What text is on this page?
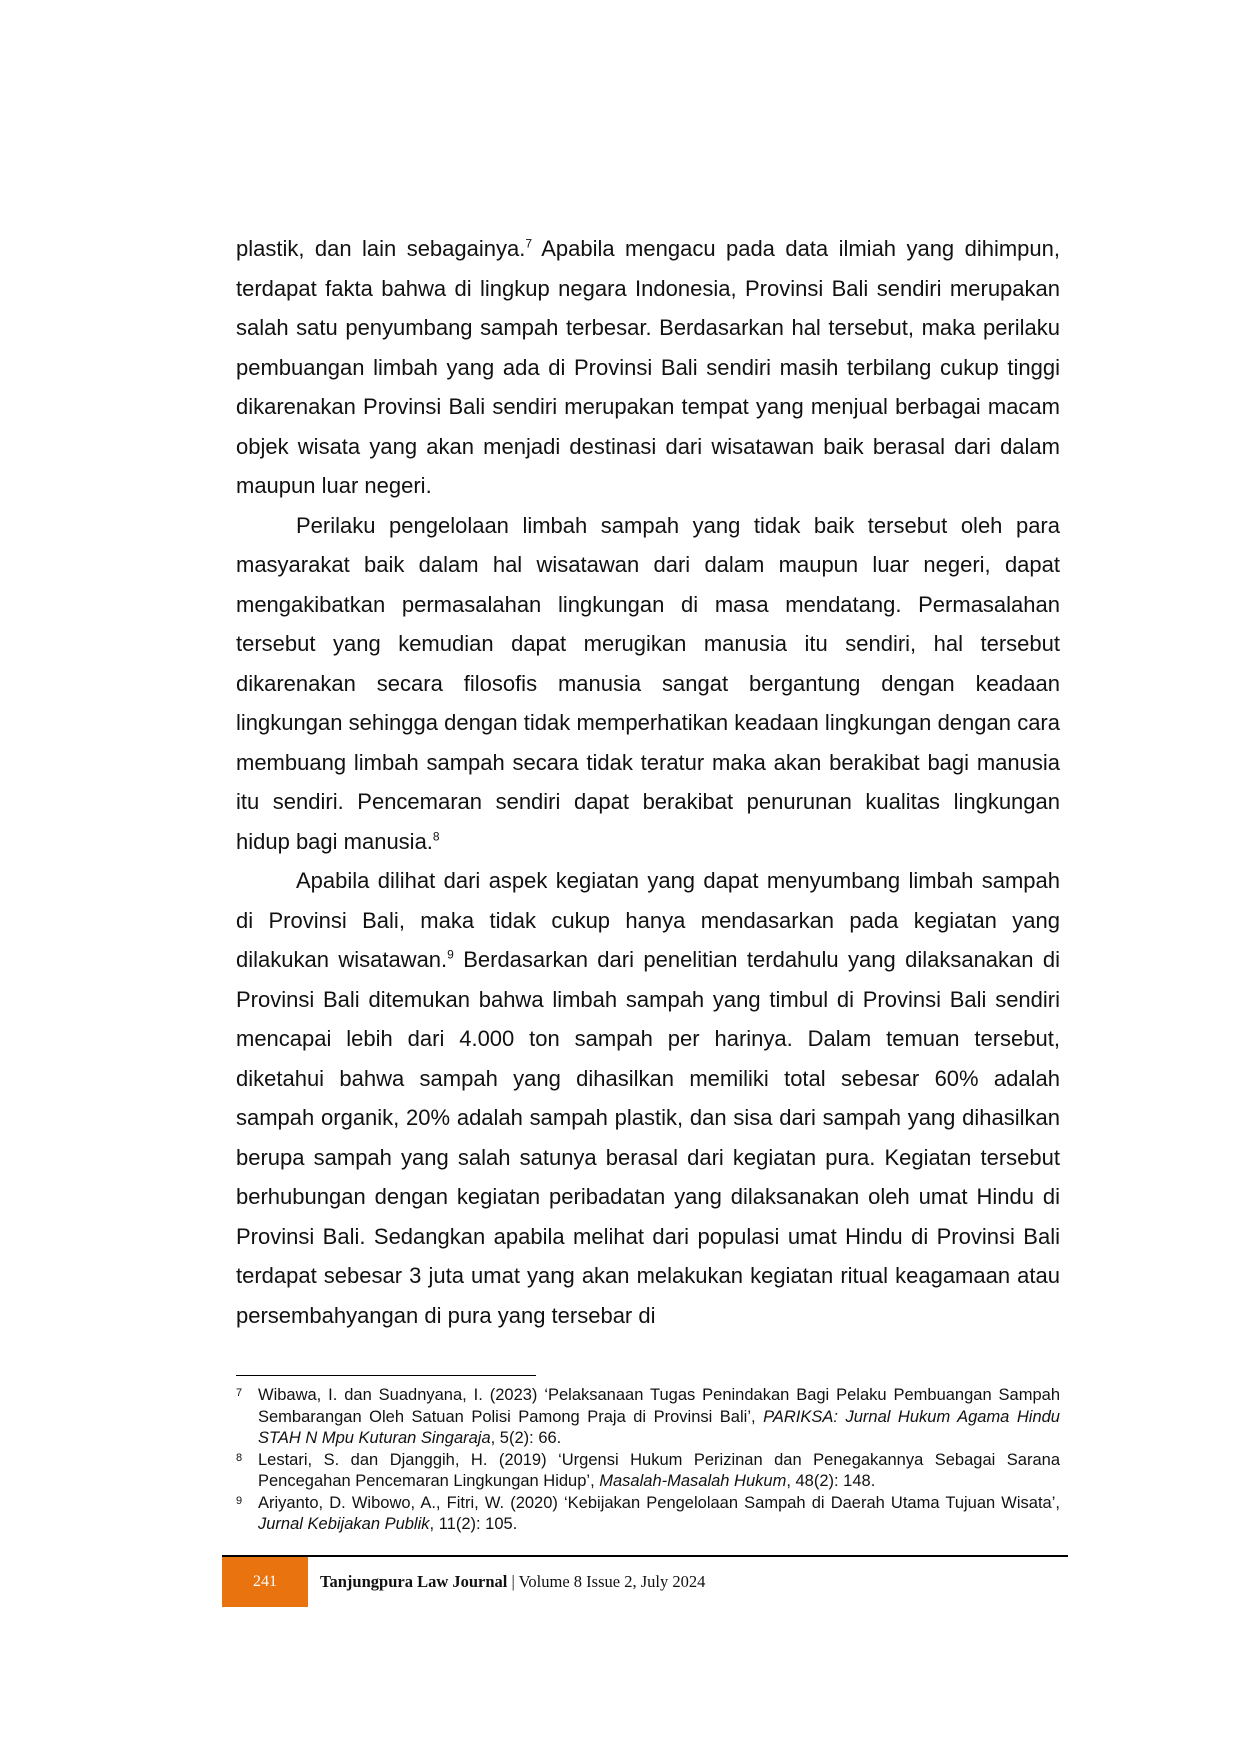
plastik, dan lain sebagainya.$^7$ Apabila mengacu pada data ilmiah yang dihimpun, terdapat fakta bahwa di lingkup negara Indonesia, Provinsi Bali sendiri merupakan salah satu penyumbang sampah terbesar. Berdasarkan hal tersebut, maka perilaku pembuangan limbah yang ada di Provinsi Bali sendiri masih terbilang cukup tinggi dikarenakan Provinsi Bali sendiri merupakan tempat yang menjual berbagai macam objek wisata yang akan menjadi destinasi dari wisatawan baik berasal dari dalam maupun luar negeri.

Perilaku pengelolaan limbah sampah yang tidak baik tersebut oleh para masyarakat baik dalam hal wisatawan dari dalam maupun luar negeri, dapat mengakibatkan permasalahan lingkungan di masa mendatang. Permasalahan tersebut yang kemudian dapat merugikan manusia itu sendiri, hal tersebut dikarenakan secara filosofis manusia sangat bergantung dengan keadaan lingkungan sehingga dengan tidak memperhatikan keadaan lingkungan dengan cara membuang limbah sampah secara tidak teratur maka akan berakibat bagi manusia itu sendiri. Pencemaran sendiri dapat berakibat penurunan kualitas lingkungan hidup bagi manusia.$^8$

Apabila dilihat dari aspek kegiatan yang dapat menyumbang limbah sampah di Provinsi Bali, maka tidak cukup hanya mendasarkan pada kegiatan yang dilakukan wisatawan.$^9$ Berdasarkan dari penelitian terdahulu yang dilaksanakan di Provinsi Bali ditemukan bahwa limbah sampah yang timbul di Provinsi Bali sendiri mencapai lebih dari 4.000 ton sampah per harinya. Dalam temuan tersebut, diketahui bahwa sampah yang dihasilkan memiliki total sebesar 60% adalah sampah organik, 20% adalah sampah plastik, dan sisa dari sampah yang dihasilkan berupa sampah yang salah satunya berasal dari kegiatan pura. Kegiatan tersebut berhubungan dengan kegiatan peribadatan yang dilaksanakan oleh umat Hindu di Provinsi Bali. Sedangkan apabila melihat dari populasi umat Hindu di Provinsi Bali terdapat sebesar 3 juta umat yang akan melakukan kegiatan ritual keagamaan atau persembahyangan di pura yang tersebar di

7 Wibawa, I. dan Suadnyana, I. (2023) ‘Pelaksanaan Tugas Penindakan Bagi Pelaku Pembuangan Sampah Sembarangan Oleh Satuan Polisi Pamong Praja di Provinsi Bali’, PARIKSA: Jurnal Hukum Agama Hindu STAH N Mpu Kuturan Singaraja, 5(2): 66.
8 Lestari, S. dan Djanggih, H. (2019) ‘Urgensi Hukum Perizinan dan Penegakannya Sebagai Sarana Pencegahan Pencemaran Lingkungan Hidup’, Masalah-Masalah Hukum, 48(2): 148.
9 Ariyanto, D. Wibowo, A., Fitri, W. (2020) ‘Kebijakan Pengelolaan Sampah di Daerah Utama Tujuan Wisata’, Jurnal Kebijakan Publik, 11(2): 105.
241	Tanjungpura Law Journal | Volume 8 Issue 2, July 2024
